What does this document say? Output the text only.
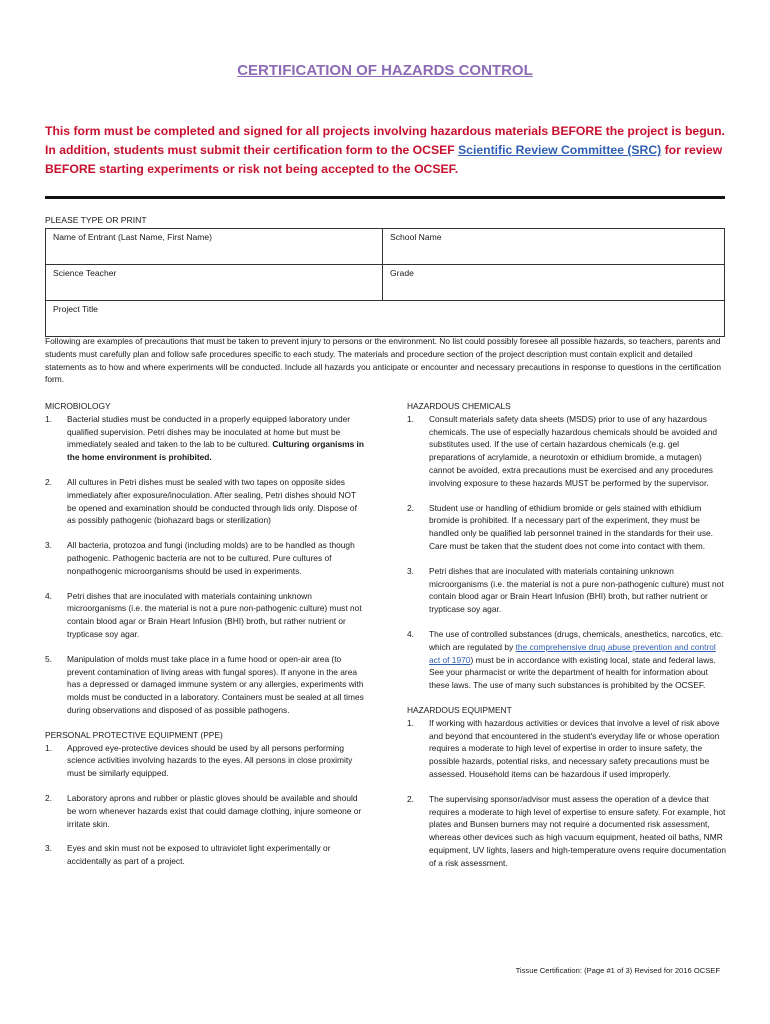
CERTIFICATION OF HAZARDS CONTROL
This form must be completed and signed for all projects involving hazardous materials BEFORE the project is begun. In addition, students must submit their certification form to the OCSEF Scientific Review Committee (SRC) for review BEFORE starting experiments or risk not being accepted to the OCSEF.
PLEASE TYPE OR PRINT
Name of Entrant (Last Name, First Name)	School Name
Science Teacher	Grade
Project Title	
Following are examples of precautions that must be taken to prevent injury to persons or the environment. No list could possibly foresee all possible hazards, so teachers, parents and students must carefully plan and follow safe procedures specific to each study. The materials and procedure section of the project description must contain explicit and detailed statements as to how and where experiments will be conducted. Include all hazards you anticipate or encounter and necessary precautions in response to questions in the certification form.
MICROBIOLOGY
1.	Bacterial studies must be conducted in a properly equipped laboratory under qualified supervision. Petri dishes may be inoculated at home but must be immediately sealed and taken to the lab to be cultured. Culturing organisms in the home environment is prohibited.
2.	All cultures in Petri dishes must be sealed with two tapes on opposite sides immediately after exposure/inoculation. After sealing, Petri dishes should NOT be opened and examination should be conducted through lids only. Dispose of as possibly pathogenic (biohazard bags or sterilization)
3.	All bacteria, protozoa and fungi (including molds) are to be handled as though pathogenic. Pathogenic bacteria are not to be cultured. Pure cultures of nonpathogenic microorganisms should be used in experiments.
4.	Petri dishes that are inoculated with materials containing unknown microorganisms (i.e. the material is not a pure non-pathogenic culture) must not contain blood agar or Brain Heart Infusion (BHI) broth, but rather nutrient or trypticase soy agar.
5.	Manipulation of molds must take place in a fume hood or open-air area (to prevent contamination of living areas with fungal spores). If anyone in the area has a depressed or damaged immune system or any allergies, experiments with molds must be conducted in a laboratory. Containers must be sealed at all times during observations and disposed of as possible pathogens.
PERSONAL PROTECTIVE EQUIPMENT (PPE)
1.	Approved eye-protective devices should be used by all persons performing science activities involving hazards to the eyes. All persons in close proximity must be similarly equipped.
2.	Laboratory aprons and rubber or plastic gloves should be available and should be worn whenever hazards exist that could damage clothing, injure someone or irritate skin.
3.	Eyes and skin must not be exposed to ultraviolet light experimentally or accidentally as part of a project.
HAZARDOUS CHEMICALS
1.	Consult materials safety data sheets (MSDS) prior to use of any hazardous chemicals. The use of especially hazardous chemicals should be avoided and substitutes used. If the use of certain hazardous chemicals (e.g. gel preparations of acrylamide, a neurotoxin or ethidium bromide, a mutagen) cannot be avoided, extra precautions must be exercised and any procedures involving exposure to these hazards MUST be performed by the supervisor.
2.	Student use or handling of ethidium bromide or gels stained with ethidium bromide is prohibited. If a necessary part of the experiment, they must be handled only be qualified lab personnel trained in the standards for their use. Care must be taken that the student does not come into contact with them.
3.	Petri dishes that are inoculated with materials containing unknown microorganisms (i.e. the material is not a pure non-pathogenic culture) must not contain blood agar or Brain Heart Infusion (BHI) broth, but rather nutrient or trypticase soy agar.
4.	The use of controlled substances (drugs, chemicals, anesthetics, narcotics, etc. which are regulated by the comprehensive drug abuse prevention and control act of 1970) must be in accordance with existing local, state and federal laws. See your pharmacist or write the department of health for information about these laws. The use of many such substances is prohibited by the OCSEF.
HAZARDOUS EQUIPMENT
1.	If working with hazardous activities or devices that involve a level of risk above and beyond that encountered in the student's everyday life or whose operation requires a moderate to high level of expertise in order to insure safety, the possible hazards, potential risks, and necessary safety precautions must be assessed. Household items can be hazardous if used improperly.
2.	The supervising sponsor/advisor must assess the operation of a device that requires a moderate to high level of expertise to ensure safety. For example, hot plates and Bunsen burners may not require a documented risk assessment, whereas other devices such as high vacuum equipment, heated oil baths, NMR equipment, UV lights, lasers and high-temperature ovens require documentation of a risk assessment.
Tissue Certification: (Page #1 of 3) Revised for 2016 OCSEF
